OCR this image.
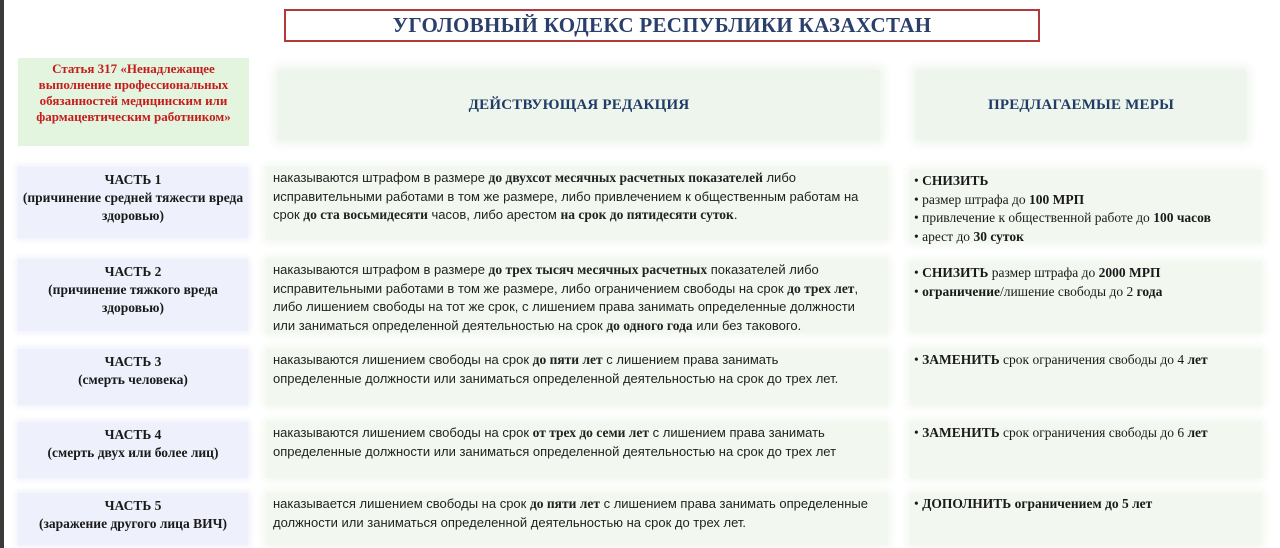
УГОЛОВНЫЙ КОДЕКС РЕСПУБЛИКИ КАЗАХСТАН
Статья 317 «Ненадлежащее выполнение профессиональных обязанностей медицинским или фармацевтическим работником»
ДЕЙСТВУЮЩАЯ РЕДАКЦИЯ	ПРЕДЛАГАЕМЫЕ МЕРЫ
ЧАСТЬ 1
(причинение средней тяжести вреда здоровью)
наказываются штрафом в размере до двухсот месячных расчетных показателей либо
исправительными работами в том же размере, либо привлечением к общественным работам на
срок до ста восьмидесяти часов, либо арестом на срок до пятидесяти суток.
• СНИЗИТЬ
• размер штрафа до 100 МРП
• привлечение к общественной работе до 100 часов
• арест до 30 суток
ЧАСТЬ 2
(причинение тяжкого вреда здоровью)
наказываются штрафом в размере до трех тысяч месячных расчетных показателей либо
исправительными работами в том же размере, либо ограничением свободы на срок до трех лет,
либо лишением свободы на тот же срок, с лишением права занимать определенные должности
или заниматься определенной деятельностью на срок до одного года или без такового.
• СНИЗИТЬ размер штрафа до 2000 МРП
• ограничение/лишение свободы до 2 года
ЧАСТЬ 3
(смерть человека)
наказываются лишением свободы на срок до пяти лет с лишением права занимать
определенные должности или заниматься определенной деятельностью на срок до трех лет.
• ЗАМЕНИТЬ срок ограничения свободы до 4 лет
ЧАСТЬ 4
(смерть двух или более лиц)
наказываются лишением свободы на срок от трех до семи лет с лишением права занимать
определенные должности или заниматься определенной деятельностью на срок до трех лет
• ЗАМЕНИТЬ срок ограничения свободы до 6 лет
ЧАСТЬ 5
(заражение другого лица ВИЧ)
наказывается лишением свободы на срок до пяти лет с лишением права занимать определенные
должности или заниматься определенной деятельностью на срок до трех лет.
• ДОПОЛНИТЬ ограничением до 5 лет
